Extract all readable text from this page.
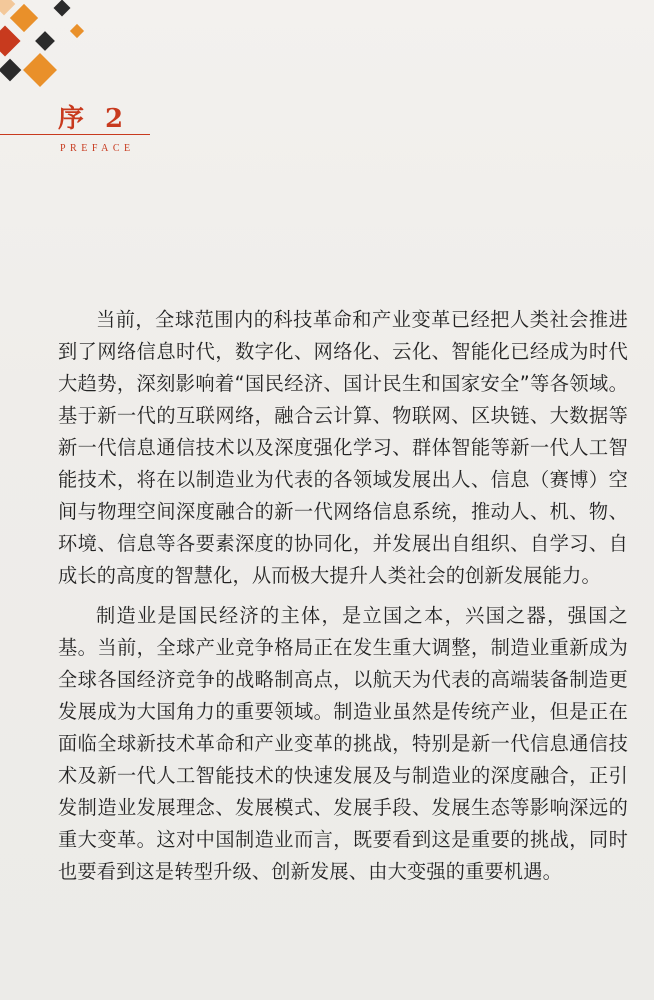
序 2
PREFACE

当前，全球范围内的科技革命和产业变革已经把人类社会推进到了网络信息时代，数字化、网络化、云化、智能化已经成为时代大趋势，深刻影响着“国民经济、国计民生和国家安全”等各领域。基于新一代的互联网络，融合云计算、物联网、区块链、大数据等新一代信息通信技术以及深度强化学习、群体智能等新一代人工智能技术，将在以制造业为代表的各领域发展出人、信息（赛博）空间与物理空间深度融合的新一代网络信息系统，推动人、机、物、环境、信息等各要素深度的协同化，并发展出自组织、自学习、自成长的高度的智慧化，从而极大提升人类社会的创新发展能力。

制造业是国民经济的主体，是立国之本，兴国之器，强国之基。当前，全球产业竞争格局正在发生重大调整，制造业重新成为全球各国经济竞争的战略制高点，以航天为代表的高端装备制造更发展成为大国角力的重要领域。制造业虽然是传统产业，但是正在面临全球新技术革命和产业变革的挑战，特别是新一代信息通信技术及新一代人工智能技术的快速发展及与制造业的深度融合，正引发制造业发展理念、发展模式、发展手段、发展生态等影响深远的重大变革。这对中国制造业而言，既要看到这是重要的挑战，同时也要看到这是转型升级、创新发展、由大变强的重要机遇。
